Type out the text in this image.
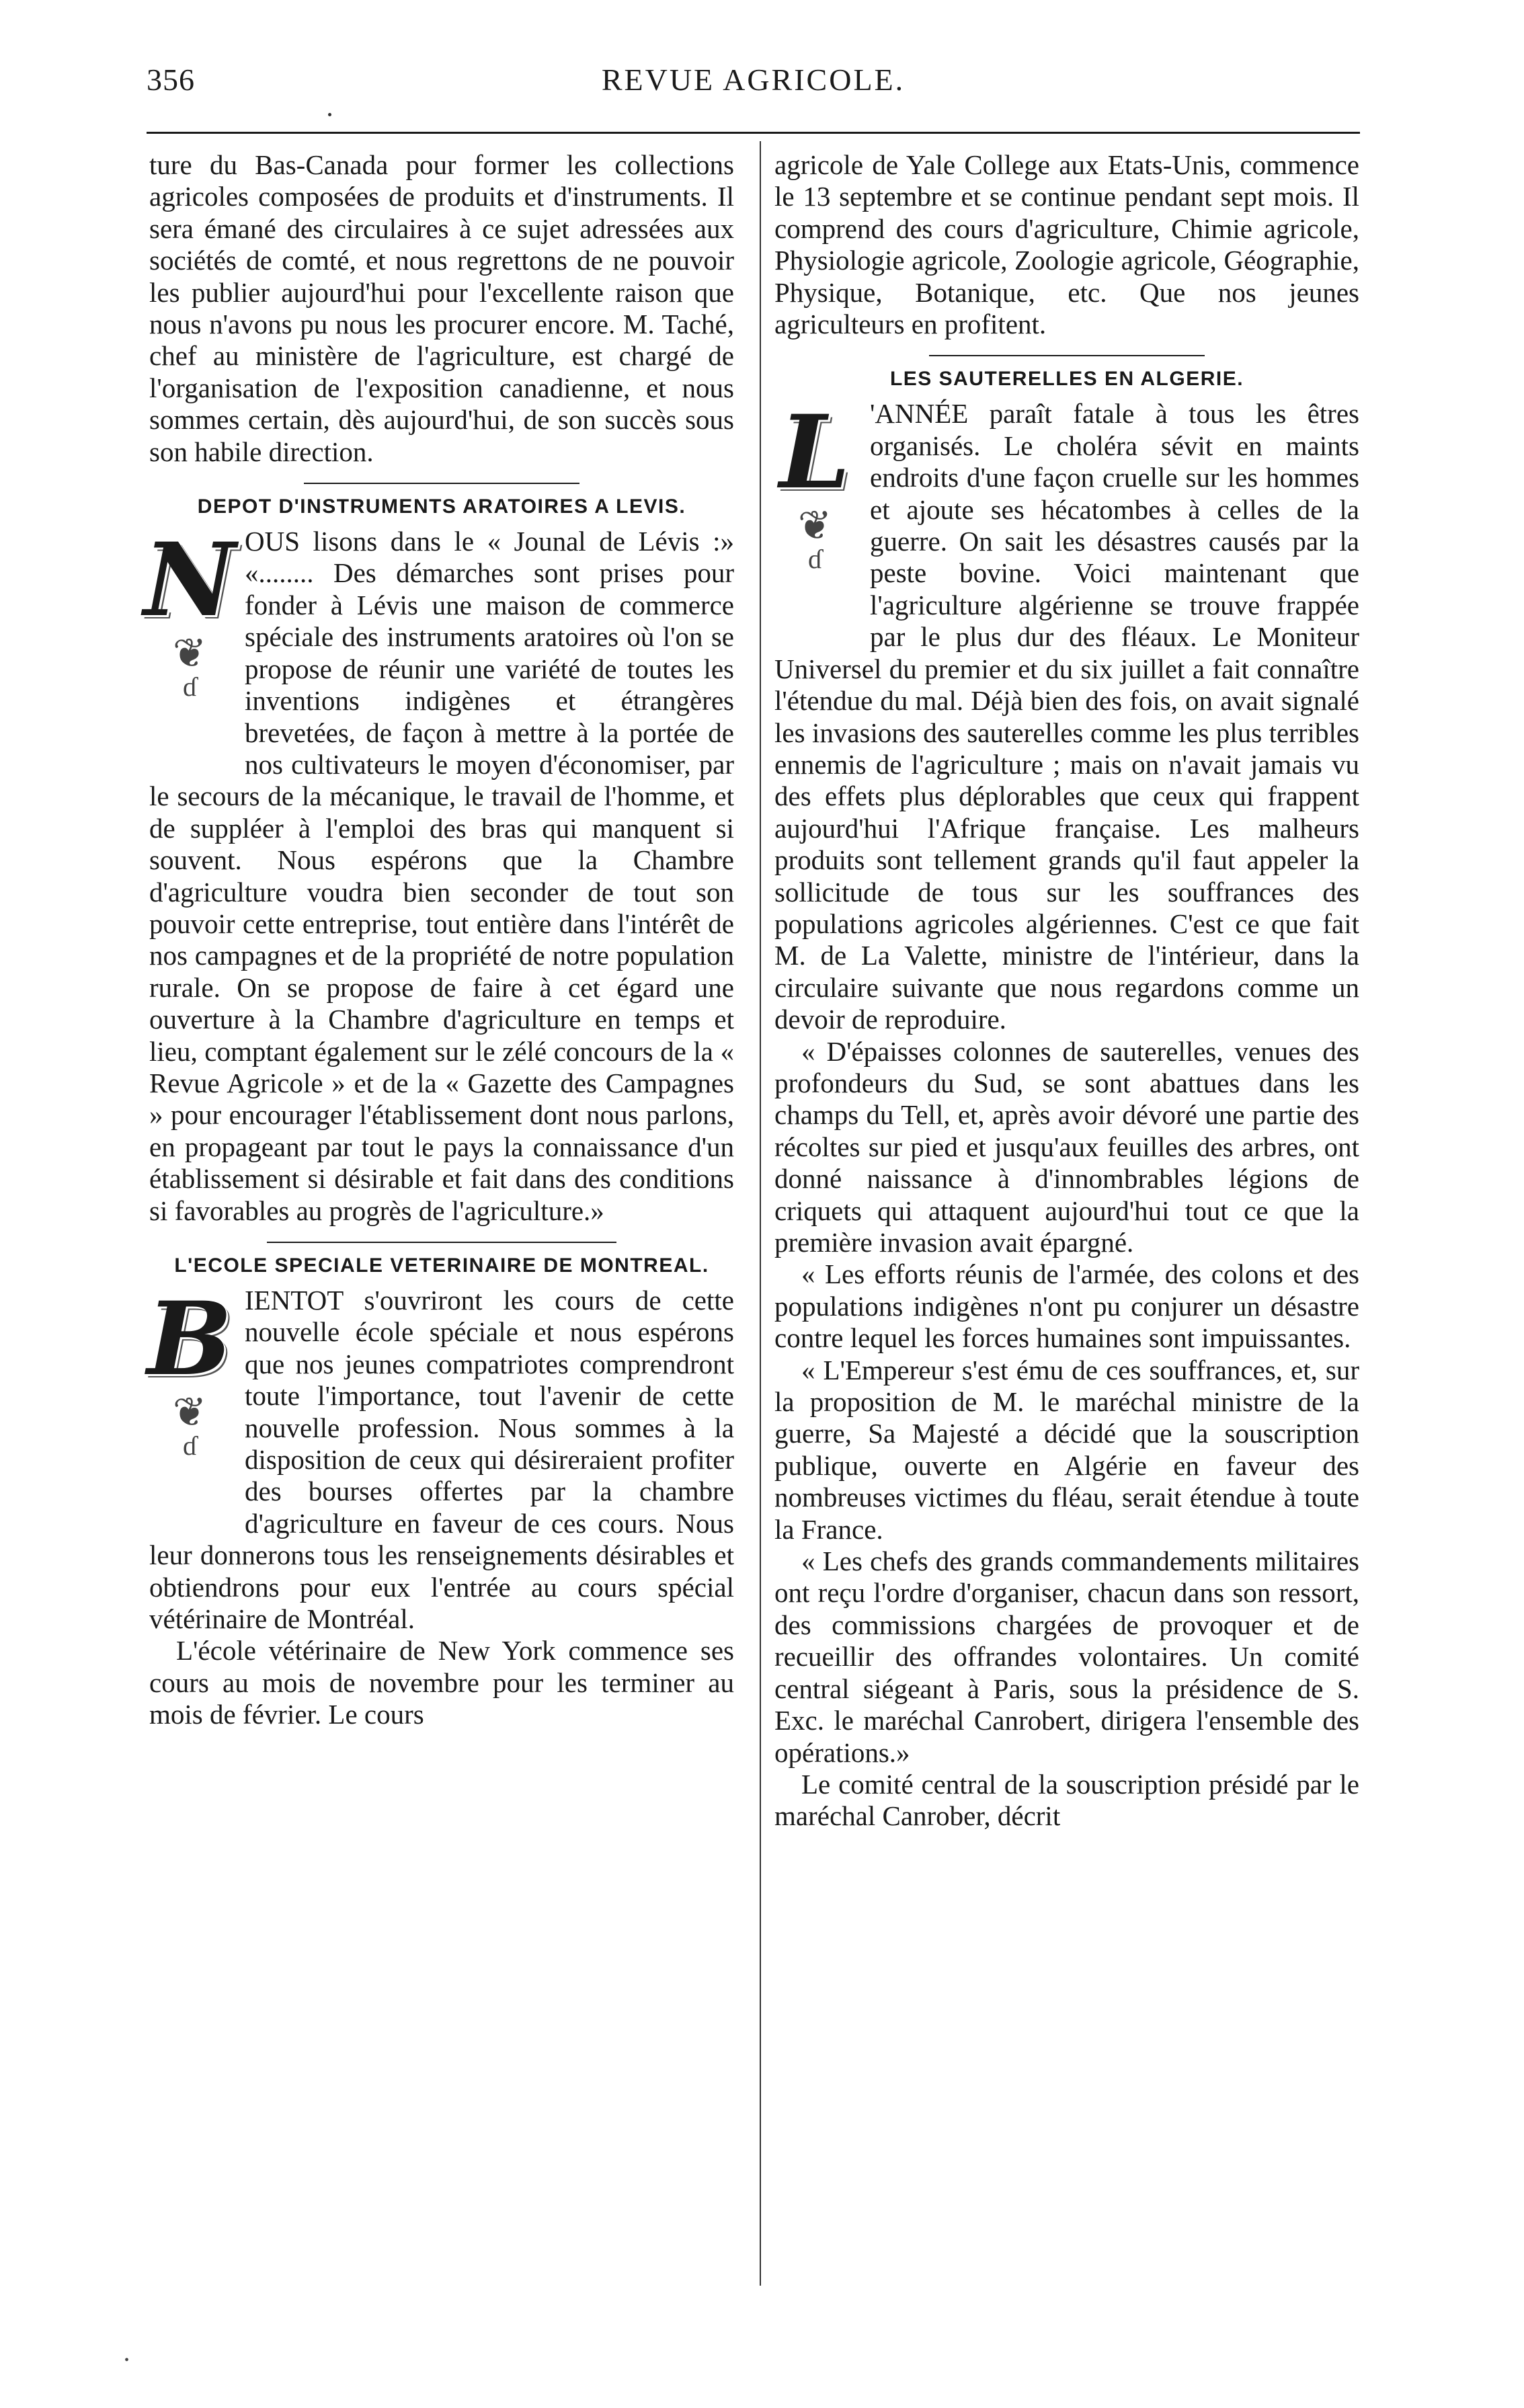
356	REVUE AGRICOLE.

ture du Bas-Canada pour former les collections agricoles composées de produits et d'instruments. Il sera émané des circulaires à ce sujet adressées aux sociétés de comté, et nous regrettons de ne pouvoir les publier aujourd'hui pour l'excellente raison que nous n'avons pu nous les procurer encore. M. Taché, chef au ministère de l'agriculture, est chargé de l'organisation de l'exposition canadienne, et nous sommes certain, dès aujourd'hui, de son succès sous son habile direction.

DEPOT D'INSTRUMENTS ARATOIRES A LEVIS.
N
❦
ɗ

OUS lisons dans le « Jounal de Lévis :» «........ Des démarches sont prises pour fonder à Lévis une maison de commerce spéciale des instruments aratoires où l'on se propose de réunir une variété de toutes les inventions indigènes et étrangères brevetées, de façon à mettre à la portée de nos cultivateurs le moyen d'économiser, par le secours de la mécanique, le travail de l'homme, et de suppléer à l'emploi des bras qui manquent si souvent. Nous espérons que la Chambre d'agriculture voudra bien seconder de tout son pouvoir cette entreprise, tout entière dans l'intérêt de nos campagnes et de la propriété de notre population rurale. On se propose de faire à cet égard une ouverture à la Chambre d'agriculture en temps et lieu, comptant également sur le zélé concours de la « Revue Agricole » et de la « Gazette des Campagnes » pour encourager l'établissement dont nous parlons, en propageant par tout le pays la connaissance d'un établissement si désirable et fait dans des conditions si favorables au progrès de l'agriculture.»

L'ECOLE SPECIALE VETERINAIRE DE MONTREAL.
B
❦
ɗ

IENTOT s'ouvriront les cours de cette nouvelle école spéciale et nous espérons que nos jeunes compatriotes comprendront toute l'importance, tout l'avenir de cette nouvelle profession. Nous sommes à la disposition de ceux qui désireraient profiter des bourses offertes par la chambre d'agriculture en faveur de ces cours. Nous leur donnerons tous les renseignements désirables et obtiendrons pour eux l'entrée au cours spécial vétérinaire de Montréal.

L'école vétérinaire de New York commence ses cours au mois de novembre pour les terminer au mois de février. Le cours

agricole de Yale College aux Etats-Unis, commence le 13 septembre et se continue pendant sept mois. Il comprend des cours d'agriculture, Chimie agricole, Physiologie agricole, Zoologie agricole, Géographie, Physique, Botanique, etc. Que nos jeunes agriculteurs en profitent.

LES SAUTERELLES EN ALGERIE.
L
❦
ɗ

'ANNÉE paraît fatale à tous les êtres organisés. Le choléra sévit en maints endroits d'une façon cruelle sur les hommes et ajoute ses hécatombes à celles de la guerre. On sait les désastres causés par la peste bovine. Voici maintenant que l'agriculture algérienne se trouve frappée par le plus dur des fléaux. Le Moniteur Universel du premier et du six juillet a fait connaître l'étendue du mal. Déjà bien des fois, on avait signalé les invasions des sauterelles comme les plus terribles ennemis de l'agriculture ; mais on n'avait jamais vu des effets plus déplorables que ceux qui frappent aujourd'hui l'Afrique française. Les malheurs produits sont tellement grands qu'il faut appeler la sollicitude de tous sur les souffrances des populations agricoles algériennes. C'est ce que fait M. de La Valette, ministre de l'intérieur, dans la circulaire suivante que nous regardons comme un devoir de reproduire.

« D'épaisses colonnes de sauterelles, venues des profondeurs du Sud, se sont abattues dans les champs du Tell, et, après avoir dévoré une partie des récoltes sur pied et jusqu'aux feuilles des arbres, ont donné naissance à d'innombrables légions de criquets qui attaquent aujourd'hui tout ce que la première invasion avait épargné.

« Les efforts réunis de l'armée, des colons et des populations indigènes n'ont pu conjurer un désastre contre lequel les forces humaines sont impuissantes.

« L'Empereur s'est ému de ces souffrances, et, sur la proposition de M. le maréchal ministre de la guerre, Sa Majesté a décidé que la souscription publique, ouverte en Algérie en faveur des nombreuses victimes du fléau, serait étendue à toute la France.

« Les chefs des grands commandements militaires ont reçu l'ordre d'organiser, chacun dans son ressort, des commissions chargées de provoquer et de recueillir des offrandes volontaires. Un comité central siégeant à Paris, sous la présidence de S. Exc. le maréchal Canrobert, dirigera l'ensemble des opérations.»

Le comité central de la souscription présidé par le maréchal Canrober, décrit

•
